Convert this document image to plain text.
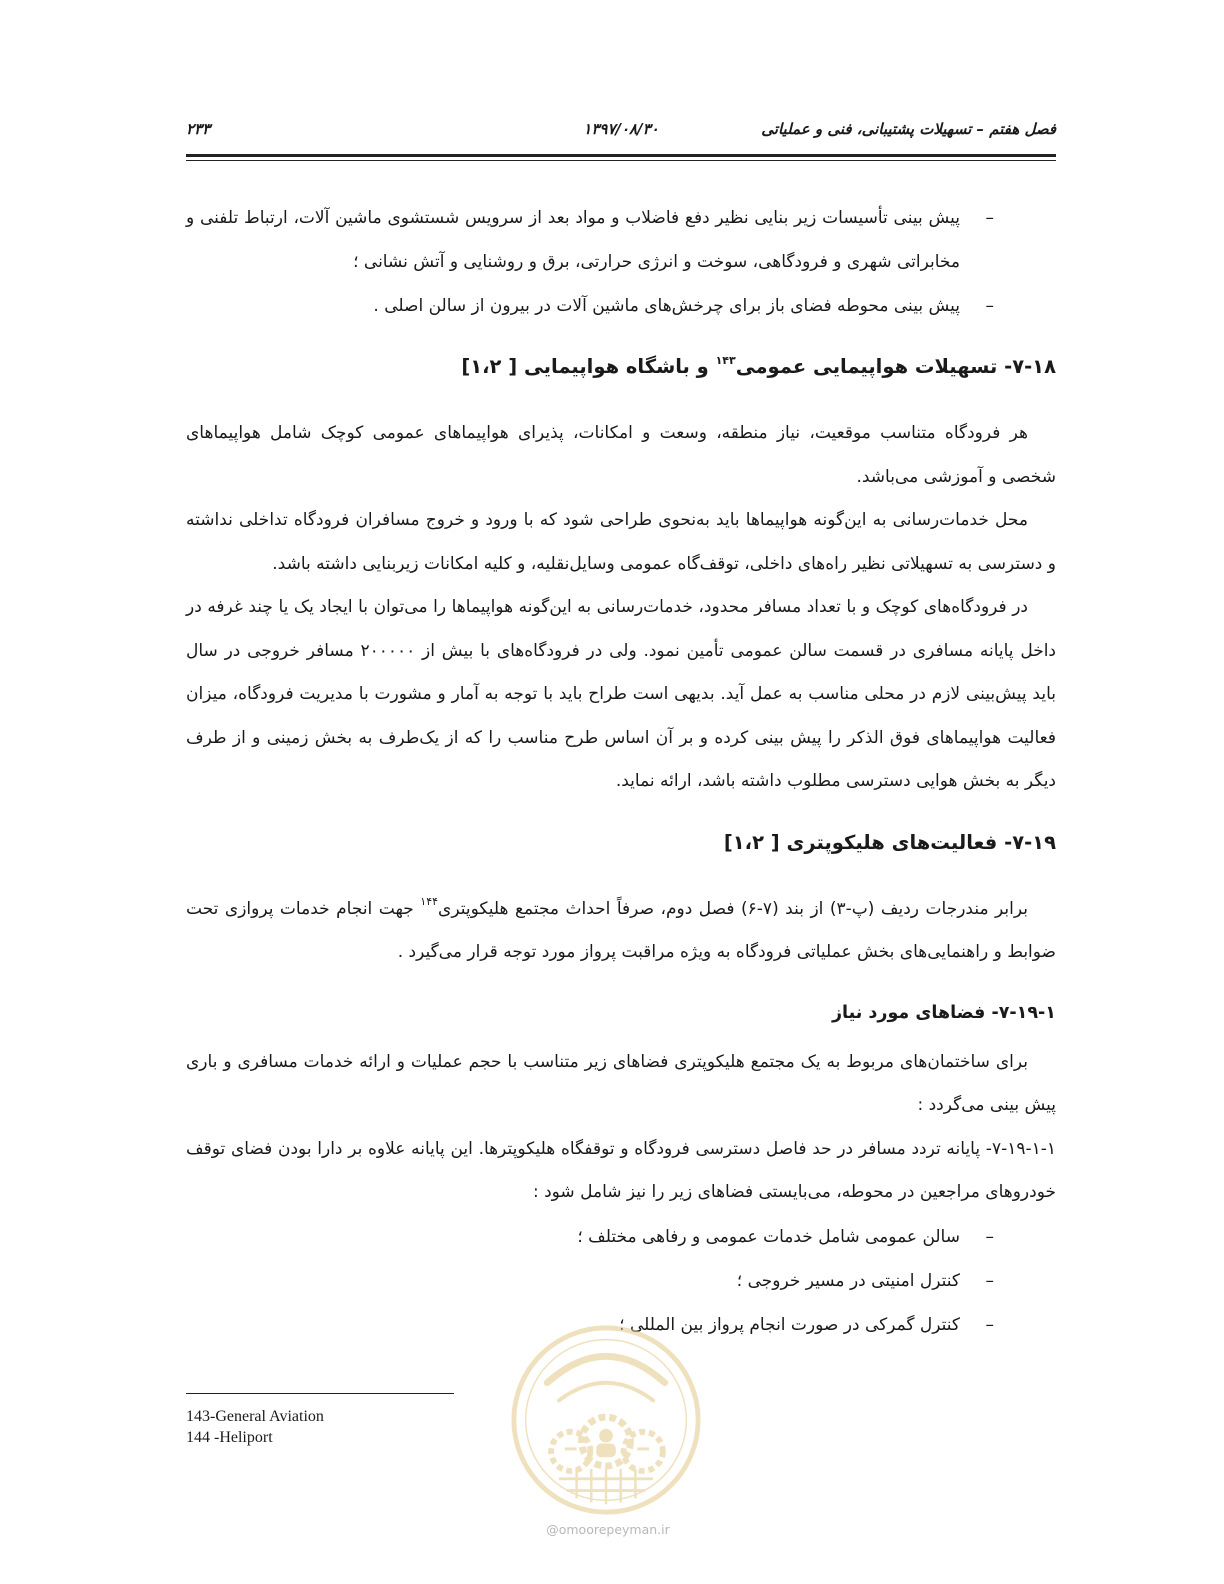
فصل هفتم – تسهیلات پشتیبانی، فنی و عملیاتی
۱۳۹۷/۰۸/۳۰
۲۳۳
–
پیش بینی تأسیسات زیر بنایی نظیر دفع فاضلاب و مواد بعد از سرویس شستشوی ماشین آلات، ارتباط تلفنی و مخابراتی شهری و فرودگاهی، سوخت و انرژی حرارتی، برق و روشنایی و آتش نشانی ؛
–
پیش بینی محوطه فضای باز برای چرخش‌های ماشین آلات در بیرون از سالن اصلی .
۷-۱۸- تسهیلات هواپیمایی عمومی$^{۱۴۳}$ و باشگاه هواپیمایی [ ۱،۲]

هر فرودگاه متناسب موقعیت، نیاز منطقه، وسعت و امکانات، پذیرای هواپیماهای عمومی کوچک شامل هواپیماهای شخصی و آموزشی می‌باشد.

محل خدمات‌رسانی به این‌گونه هواپیماها باید به‌نحوی طراحی شود که با ورود و خروج مسافران فرودگاه تداخلی نداشته و دسترسی به تسهیلاتی نظیر راه‌های داخلی، توقف‌گاه عمومی وسایل‌نقلیه، و کلیه امکانات زیربنایی داشته باشد.

در فرودگاه‌های کوچک و با تعداد مسافر محدود، خدمات‌رسانی به این‌گونه هواپیماها را می‌توان با ایجاد یک یا چند غرفه در داخل پایانه مسافری در قسمت سالن عمومی تأمین نمود. ولی در فرودگاه‌های با بیش از ۲۰۰۰۰۰ مسافر خروجی در سال باید پیش‌بینی لازم در محلی مناسب به عمل آید. بدیهی است طراح باید با توجه به آمار و مشورت با مدیریت فرودگاه، میزان فعالیت هواپیماهای فوق الذکر را پیش بینی کرده و بر آن اساس طرح مناسب را که از یک‌طرف به بخش زمینی و از طرف دیگر به بخش هوایی دسترسی مطلوب داشته باشد، ارائه نماید.

۷-۱۹- فعالیت‌های هلیکوپتری [ ۱،۲]

برابر مندرجات ردیف (پ-۳) از بند (۷-۶) فصل دوم، صرفاً احداث مجتمع هلیکوپتری$^{۱۴۴}$ جهت انجام خدمات پروازی تحت ضوابط و راهنمایی‌های بخش عملیاتی فرودگاه به ویژه مراقبت پرواز مورد توجه قرار می‌گیرد .

۷-۱۹-۱- فضاهای مورد نیاز

برای ساختمان‌های مربوط به یک مجتمع هلیکوپتری فضاهای زیر متناسب با حجم عملیات و ارائه خدمات مسافری و باری پیش بینی می‌گردد :

۷-۱۹-۱-۱- پایانه تردد مسافر در حد فاصل دسترسی فرودگاه و توقفگاه هلیکوپترها. این پایانه علاوه بر دارا بودن فضای توقف خودروهای مراجعین در محوطه، می‌بایستی فضاهای زیر را نیز شامل شود :

–
سالن عمومی شامل خدمات عمومی و رفاهی مختلف ؛
–
کنترل امنیتی در مسیر خروجی ؛
–
کنترل گمرکی در صورت انجام پرواز بین المللی ؛
143-General Aviation
144 -Heliport
@omoorepeyman.ir
